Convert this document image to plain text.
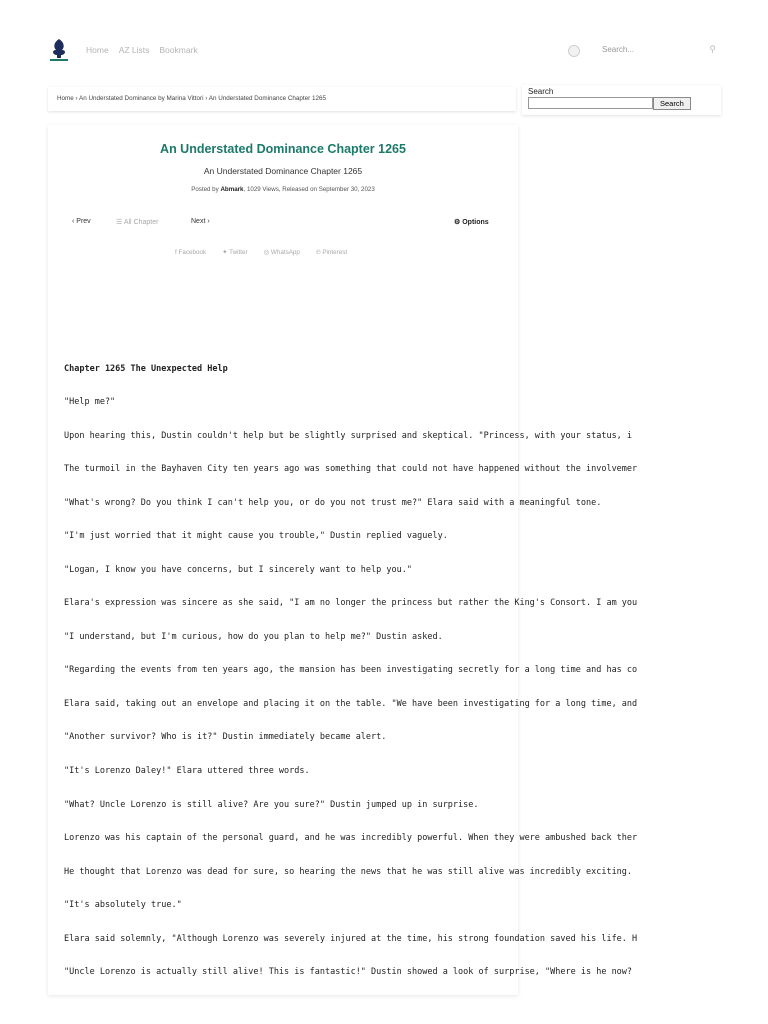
Home AZ Lists Bookmark	Search...	⚲
Home › An Understated Dominance by Marina Vittori › An Understated Dominance Chapter 1265
Search
Search
An Understated Dominance Chapter 1265
An Understated Dominance Chapter 1265
Posted by Abmark, 1029 Views, Released on September 30, 2023
‹ Prev	☰ All Chapter	Next ›	⚙ Options
f Facebook	✦ Twitter	◎ WhatsApp	℗ Pinterest
Chapter 1265 The Unexpected Help
"Help me?"
Upon hearing this, Dustin couldn't help but be slightly surprised and skeptical. "Princess, with your status, i
The turmoil in the Bayhaven City ten years ago was something that could not have happened without the involvemer
"What's wrong? Do you think I can't help you, or do you not trust me?" Elara said with a meaningful tone.
"I'm just worried that it might cause you trouble," Dustin replied vaguely.
"Logan, I know you have concerns, but I sincerely want to help you."
Elara's expression was sincere as she said, "I am no longer the princess but rather the King's Consort. I am you
"I understand, but I'm curious, how do you plan to help me?" Dustin asked.
"Regarding the events from ten years ago, the mansion has been investigating secretly for a long time and has co
Elara said, taking out an envelope and placing it on the table. "We have been investigating for a long time, and
"Another survivor? Who is it?" Dustin immediately became alert.
"It's Lorenzo Daley!" Elara uttered three words.
"What? Uncle Lorenzo is still alive? Are you sure?" Dustin jumped up in surprise.
Lorenzo was his captain of the personal guard, and he was incredibly powerful. When they were ambushed back ther
He thought that Lorenzo was dead for sure, so hearing the news that he was still alive was incredibly exciting.
"It's absolutely true."
Elara said solemnly, "Although Lorenzo was severely injured at the time, his strong foundation saved his life. H
"Uncle Lorenzo is actually still alive! This is fantastic!" Dustin showed a look of surprise, "Where is he now?
